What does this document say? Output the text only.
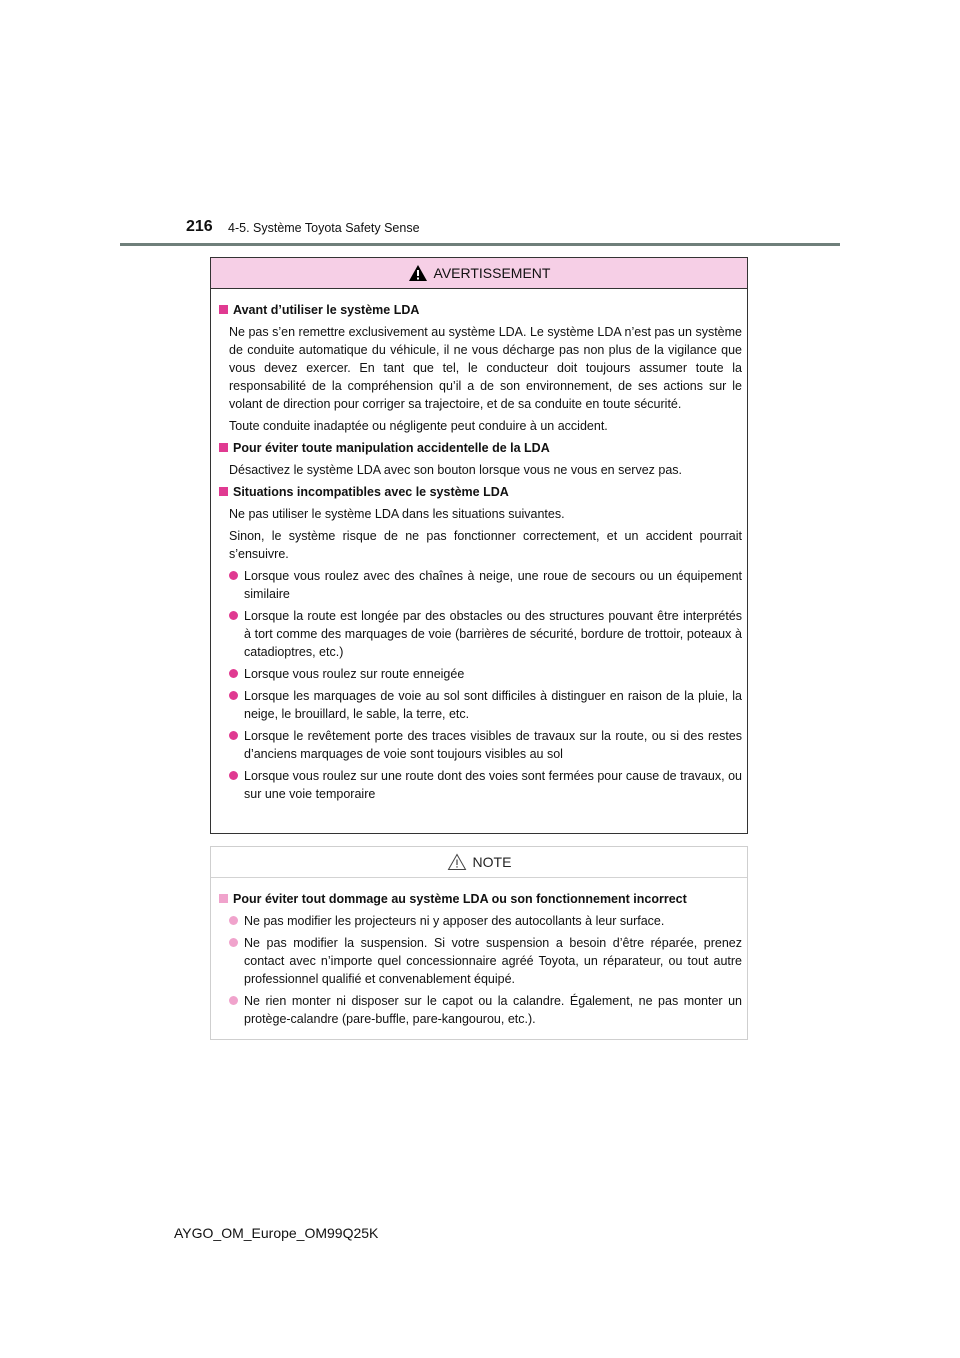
216 4-5. Système Toyota Safety Sense
AVERTISSEMENT
Avant d’utiliser le système LDA

Ne pas s’en remettre exclusivement au système LDA. Le système LDA n’est pas un système de conduite automatique du véhicule, il ne vous décharge pas non plus de la vigilance que vous devez exercer. En tant que tel, le conducteur doit toujours assumer toute la responsabilité de la compréhension qu’il a de son environnement, de ses actions sur le volant de direction pour corriger sa trajectoire, et de sa conduite en toute sécurité.

Toute conduite inadaptée ou négligente peut conduire à un accident.

Pour éviter toute manipulation accidentelle de la LDA

Désactivez le système LDA avec son bouton lorsque vous ne vous en servez pas.

Situations incompatibles avec le système LDA

Ne pas utiliser le système LDA dans les situations suivantes.

Sinon, le système risque de ne pas fonctionner correctement, et un accident pourrait s’ensuivre.

Lorsque vous roulez avec des chaînes à neige, une roue de secours ou un équipement similaire
Lorsque la route est longée par des obstacles ou des structures pouvant être interprétés à tort comme des marquages de voie (barrières de sécurité, bordure de trottoir, poteaux à catadioptres, etc.)
Lorsque vous roulez sur route enneigée
Lorsque les marquages de voie au sol sont difficiles à distinguer en raison de la pluie, la neige, le brouillard, le sable, la terre, etc.
Lorsque le revêtement porte des traces visibles de travaux sur la route, ou si des restes d’anciens marquages de voie sont toujours visibles au sol
Lorsque vous roulez sur une route dont des voies sont fermées pour cause de travaux, ou sur une voie temporaire
NOTE
Pour éviter tout dommage au système LDA ou son fonctionnement incorrect
Ne pas modifier les projecteurs ni y apposer des autocollants à leur surface.
Ne pas modifier la suspension. Si votre suspension a besoin d’être réparée, prenez contact avec n’importe quel concessionnaire agréé Toyota, un réparateur, ou tout autre professionnel qualifié et convenablement équipé.
Ne rien monter ni disposer sur le capot ou la calandre. Également, ne pas monter un protège-calandre (pare-buffle, pare-kangourou, etc.).
AYGO_OM_Europe_OM99Q25K
